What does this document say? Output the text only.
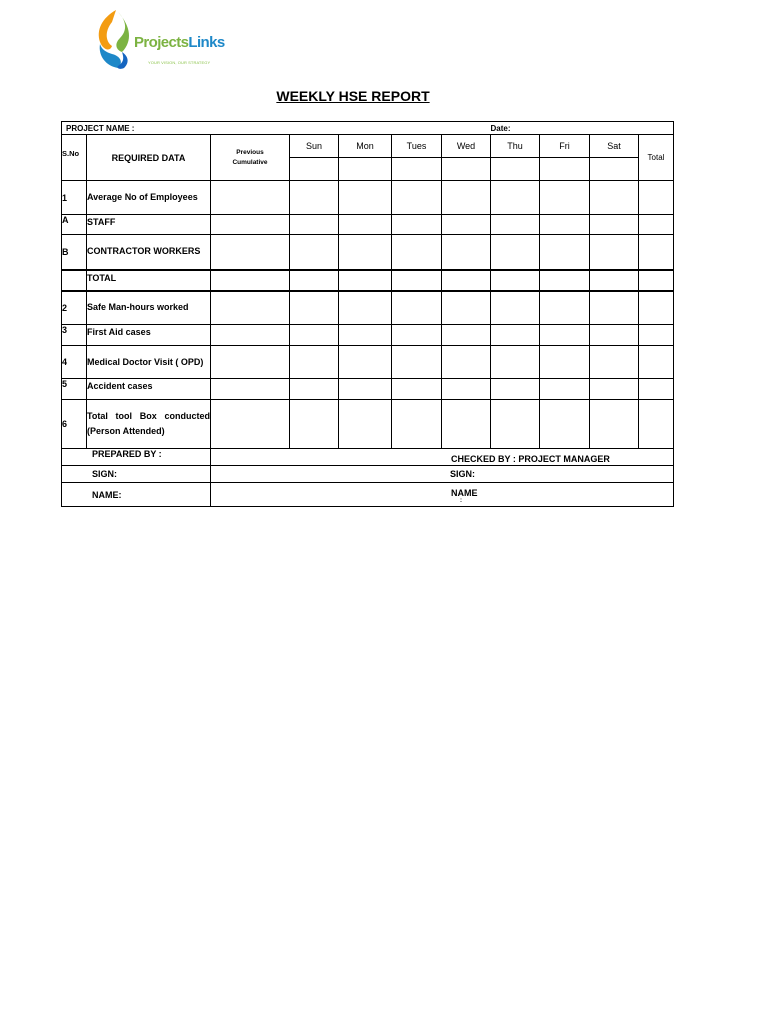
ProjectsLinks
YOUR VISION, OUR STRATEGY
WEEKLY HSE REPORT
PROJECT NAME :							Date:			
S.No	REQUIRED DATA	Previous Cumulative	Sun	Mon	Tues	Wed	Thu	Fri	Sat	Total

1	Average No of Employees									
A	STAFF									
B	CONTRACTOR WORKERS									
	TOTAL									
2	Safe Man-hours worked									
3	First Aid cases									
4	Medical Doctor Visit ( OPD)									
5	Accident cases									
6	Total tool Box conducted (Person Attended)									
PREPARED BY :		CHECKED BY : PROJECT MANAGER								
SIGN:		SIGN:								
NAME:		NAME
:								
